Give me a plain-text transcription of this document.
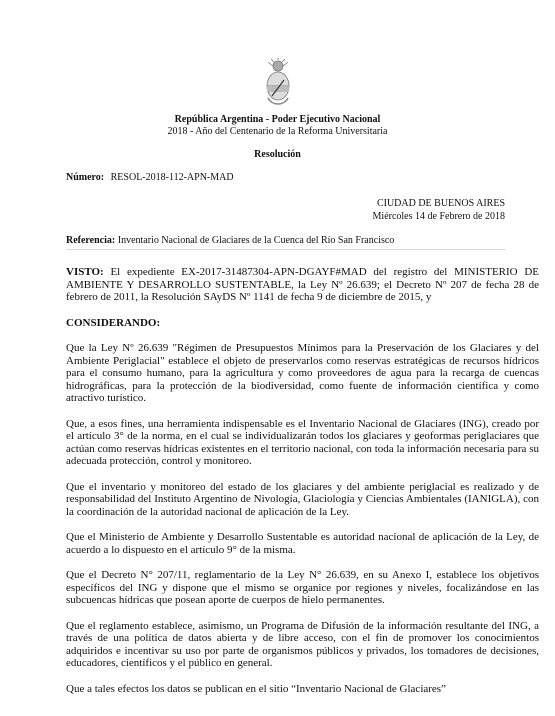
República Argentina - Poder Ejecutivo Nacional
2018 - Año del Centenario de la Reforma Universitaria
Resolución
Número: RESOL-2018-112-APN-MAD
CIUDAD DE BUENOS AIRES
Miércoles 14 de Febrero de 2018
Referencia: Inventario Nacional de Glaciares de la Cuenca del Río San Francisco

VISTO: El expediente EX-2017-31487304-APN-DGAYF#MAD del registro del MINISTERIO DE AMBIENTE Y DESARROLLO SUSTENTABLE, la Ley Nº 26.639; el Decreto Nº 207 de fecha 28 de febrero de 2011, la Resolución SAyDS Nº 1141 de fecha 9 de diciembre de 2015, y

CONSIDERANDO:

Que la Ley Nº 26.639 "Régimen de Presupuestos Mínimos para la Preservación de los Glaciares y del Ambiente Periglacial" establece el objeto de preservarlos como reservas estratégicas de recursos hídricos para el consumo humano, para la agricultura y como proveedores de agua para la recarga de cuencas hidrográficas, para la protección de la biodiversidad, como fuente de información científica y como atractivo turístico.

Que, a esos fines, una herramienta indispensable es el Inventario Nacional de Glaciares (ING), creado por el artículo 3° de la norma, en el cual se individualizarán todos los glaciares y geoformas periglaciares que actúan como reservas hídricas existentes en el territorio nacional, con toda la información necesaria para su adecuada protección, control y monitoreo.

Que el inventario y monitoreo del estado de los glaciares y del ambiente periglacial es realizado y de responsabilidad del Instituto Argentino de Nivología, Glaciología y Ciencias Ambientales (IANIGLA), con la coordinación de la autoridad nacional de aplicación de la Ley.

Que el Ministerio de Ambiente y Desarrollo Sustentable es autoridad nacional de aplicación de la Ley, de acuerdo a lo dispuesto en el artículo 9° de la misma.

Que el Decreto N° 207/11, reglamentario de la Ley N° 26.639, en su Anexo I, establece los objetivos específicos del ING y dispone que el mismo se organice por regiones y niveles, focalizándose en las subcuencas hídricas que posean aporte de cuerpos de hielo permanentes.

Que el reglamento establece, asimismo, un Programa de Difusión de la información resultante del ING, a través de una política de datos abierta y de libre acceso, con el fin de promover los conocimientos adquiridos e incentivar su uso por parte de organismos públicos y privados, los tomadores de decisiones, educadores, científicos y el público en general.

Que a tales efectos los datos se publican en el sitio “Inventario Nacional de Glaciares”
